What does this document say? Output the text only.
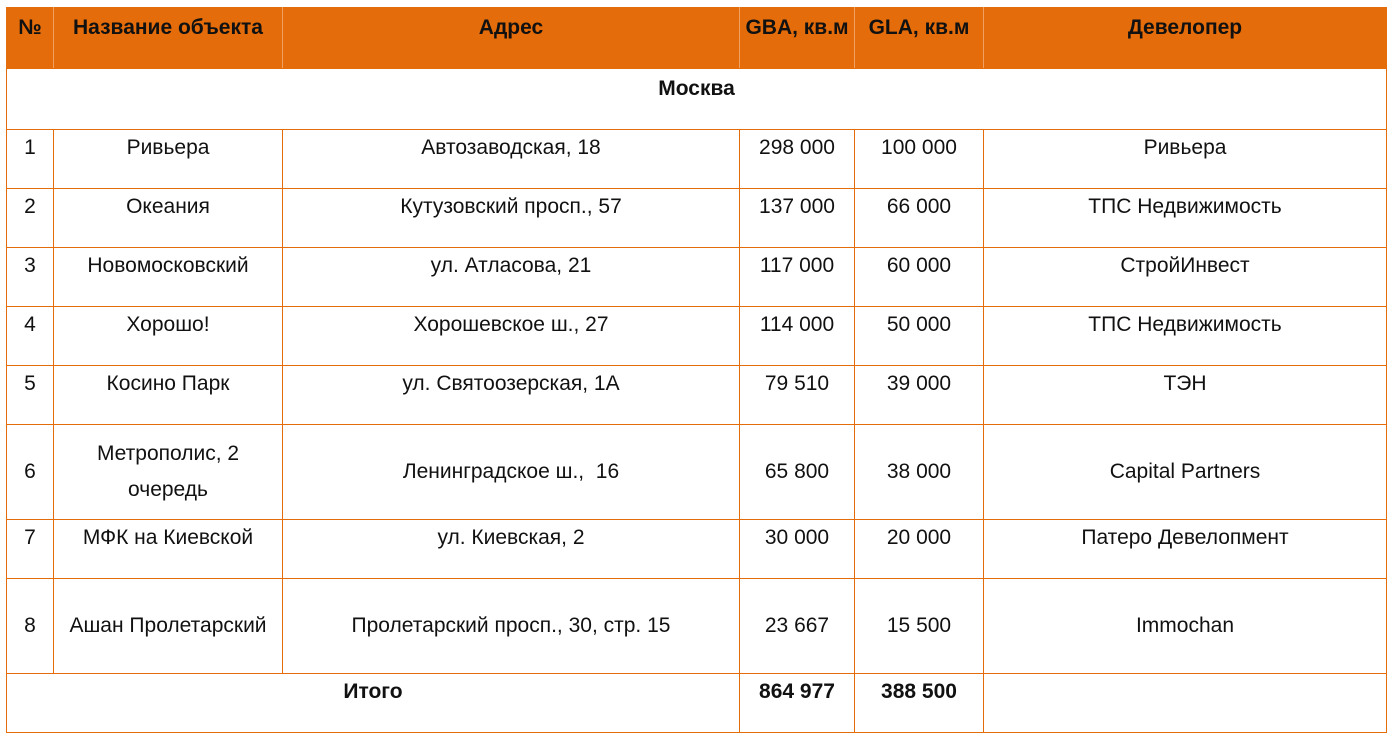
№	Название объекта	Адрес	GBA, кв.м	GLA, кв.м	Девелопер
Москва					
1	Ривьера	Автозаводская, 18	298 000	100 000	Ривьера
2	Океания	Кутузовский просп., 57	137 000	66 000	ТПС Недвижимость
3	Новомосковский	ул. Атласова, 21	117 000	60 000	СтройИнвест
4	Хорошо!	Хорошевское ш., 27	114 000	50 000	ТПС Недвижимость
5	Косино Парк	ул. Святоозерская, 1А	79 510	39 000	ТЭН
6	Метрополис, 2 очередь	Ленинградское ш.,  16	65 800	38 000	Capital Partners
7	МФК на Киевской	ул. Киевская, 2	30 000	20 000	Патеро Девелопмент
8	Ашан Пролетарский	Пролетарский просп., 30, стр. 15	23 667	15 500	Immochan
Итого			864 977	388 500	
